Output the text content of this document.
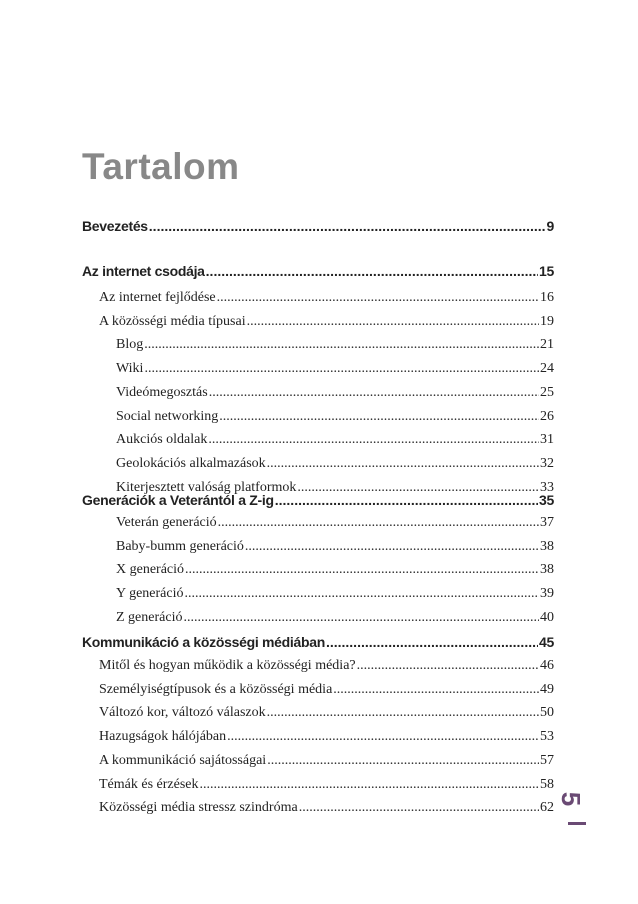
Tartalom
Bevezetés .....	9
Az internet csodája .....	15
Az internet fejlődése .....	16
A közösségi média típusai .....	19
Blog .....	21
Wiki .....	24
Videómegosztás .....	25
Social networking .....	26
Aukciós oldalak .....	31
Geolokációs alkalmazások .....	32
Kiterjesztett valóság platformok .....	33
Generációk a Veterántól a Z-ig .....	35
Veterán generáció .....	37
Baby-bumm generáció .....	38
X generáció .....	38
Y generáció .....	39
Z generáció .....	40
Kommunikáció a közösségi médiában .....	45
Mitől és hogyan működik a közösségi média? .....	46
Személyiségtípusok és a közösségi média .....	49
Változó kor, változó válaszok .....	50
Hazugságok hálójában .....	53
A kommunikáció sajátosságai .....	57
Témák és érzések .....	58
Közösségi média stressz szindróma .....	62
5
